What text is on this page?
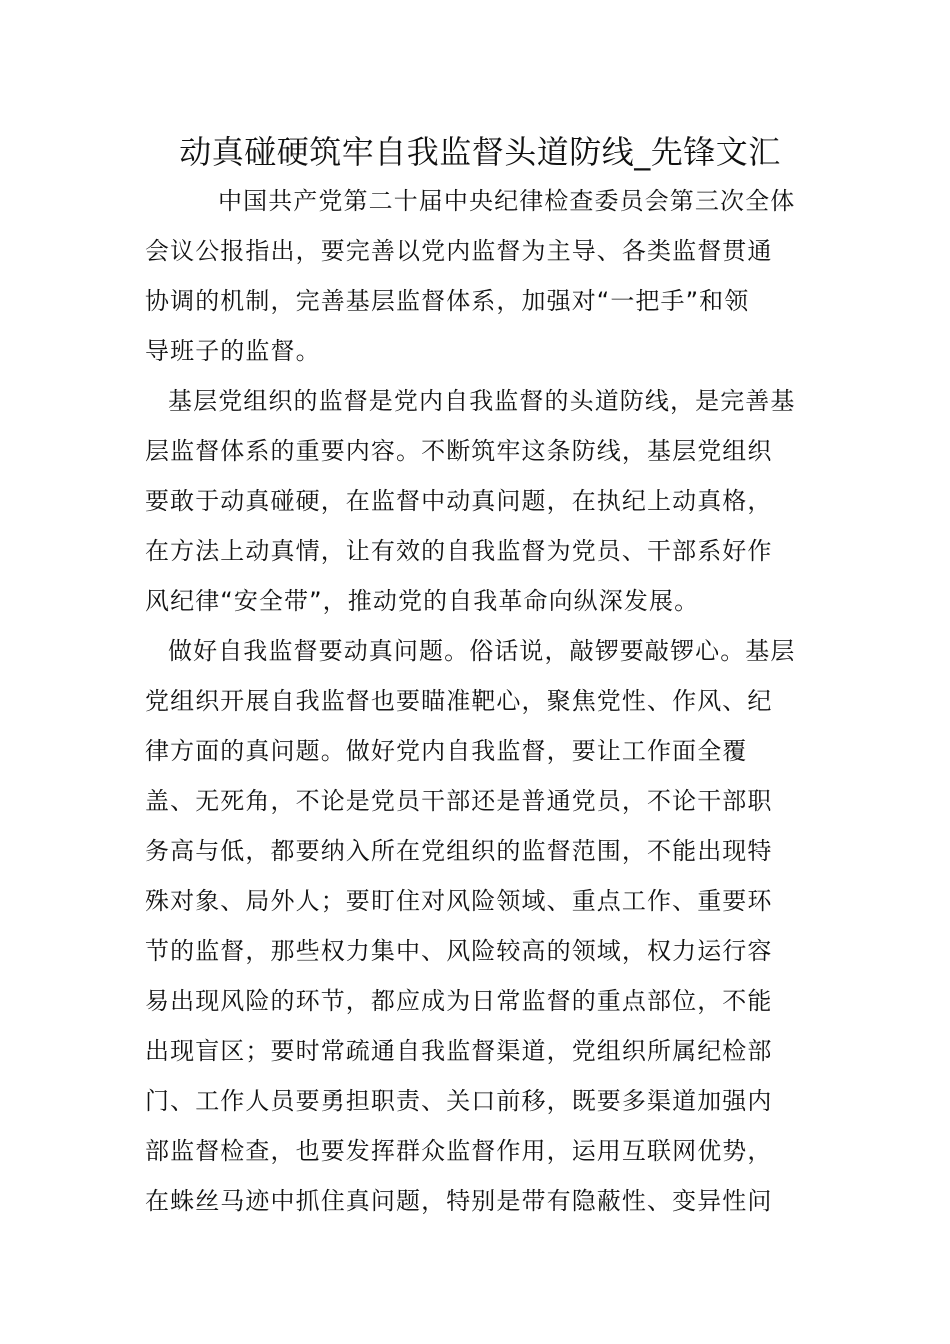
动真碰硬筑牢自我监督头道防线_先锋文汇
中国共产党第二十届中央纪律检查委员会第三次全体
会议公报指出，要完善以党内监督为主导、各类监督贯通
协调的机制，完善基层监督体系，加强对“一把手”和领
导班子的监督。
基层党组织的监督是党内自我监督的头道防线，是完善基
层监督体系的重要内容。不断筑牢这条防线，基层党组织
要敢于动真碰硬，在监督中动真问题，在执纪上动真格，
在方法上动真情，让有效的自我监督为党员、干部系好作
风纪律“安全带”，推动党的自我革命向纵深发展。
做好自我监督要动真问题。俗话说，敲锣要敲锣心。基层
党组织开展自我监督也要瞄准靶心，聚焦党性、作风、纪
律方面的真问题。做好党内自我监督，要让工作面全覆
盖、无死角，不论是党员干部还是普通党员，不论干部职
务高与低，都要纳入所在党组织的监督范围，不能出现特
殊对象、局外人；要盯住对风险领域、重点工作、重要环
节的监督，那些权力集中、风险较高的领域，权力运行容
易出现风险的环节，都应成为日常监督的重点部位，不能
出现盲区；要时常疏通自我监督渠道，党组织所属纪检部
门、工作人员要勇担职责、关口前移，既要多渠道加强内
部监督检查，也要发挥群众监督作用，运用互联网优势，
在蛛丝马迹中抓住真问题，特别是带有隐蔽性、变异性问
